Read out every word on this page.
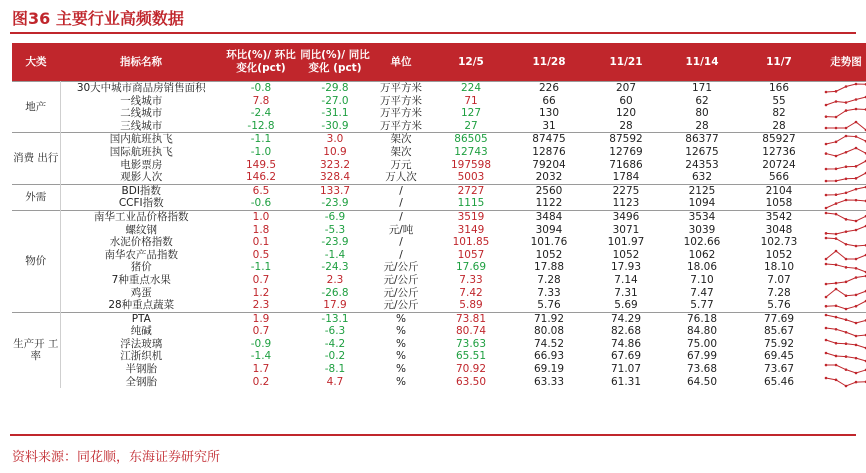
图36 主要行业高频数据
大类	指标名称	环比(%)/ 环比变化(pct)	同比(%)/ 同比变化 (pct)	单位	12/5	11/28	11/21	11/14	11/7	走势图
地产	30大中城市商品房销售面积	-0.8	-29.8	万平方米	224	226	207	171	166	

	一线城市	7.8	-27.0	万平方米	71	66	60	62	55	

	二线城市	-2.4	-31.1	万平方米	127	130	120	80	82	

	三线城市	-12.8	-30.9	万平方米	27	31	28	28	28	

消费 出行	国内航班执飞	-1.1	3.0	架次	86505	87475	87592	86377	85927	

	国际航班执飞	-1.0	10.9	架次	12743	12876	12769	12675	12736	

	电影票房	149.5	323.2	万元	197598	79204	71686	24353	20724	

	观影人次	146.2	328.4	万人次	5003	2032	1784	632	566	

外需	BDI指数	6.5	133.7	/	2727	2560	2275	2125	2104	

	CCFI指数	-0.6	-23.9	/	1115	1122	1123	1094	1058	

物价	南华工业品价格指数	1.0	-6.9	/	3519	3484	3496	3534	3542	

	螺纹钢	1.8	-5.3	元/吨	3149	3094	3071	3039	3048	

	水泥价格指数	0.1	-23.9	/	101.85	101.76	101.97	102.66	102.73	

	南华农产品指数	0.5	-1.4	/	1057	1052	1052	1062	1052	

	猪价	-1.1	-24.3	元/公斤	17.69	17.88	17.93	18.06	18.10	

	7种重点水果	0.7	2.3	元/公斤	7.33	7.28	7.14	7.10	7.07	

	鸡蛋	1.2	-26.8	元/公斤	7.42	7.33	7.31	7.47	7.28	

	28种重点蔬菜	2.3	17.9	元/公斤	5.89	5.76	5.69	5.77	5.76	

生产开 工率	PTA	1.9	-13.1	%	73.81	71.92	74.29	76.18	77.69	

	纯碱	0.7	-6.3	%	80.74	80.08	82.68	84.80	85.67	

	浮法玻璃	-0.9	-4.2	%	73.63	74.52	74.86	75.00	75.92	

	江浙织机	-1.4	-0.2	%	65.51	66.93	67.69	67.99	69.45	

	半钢胎	1.7	-8.1	%	70.92	69.19	71.07	73.68	73.67	

	全钢胎	0.2	4.7	%	63.50	63.33	61.31	64.50	65.46	
资料来源：同花顺，东海证券研究所
